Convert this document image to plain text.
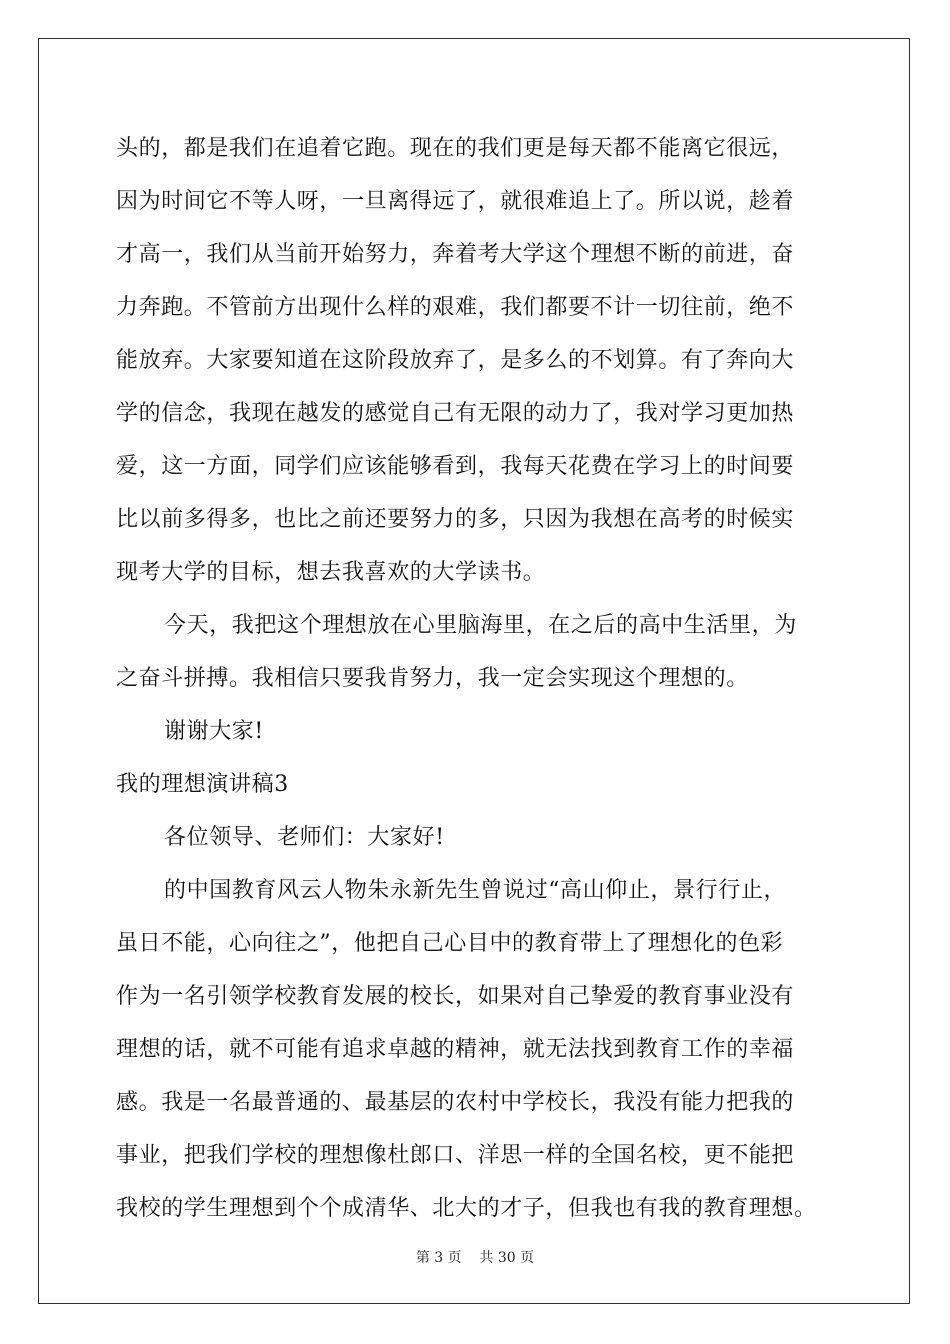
头的，都是我们在追着它跑。现在的我们更是每天都不能离它很远，
因为时间它不等人呀，一旦离得远了，就很难追上了。所以说，趁着
才高一，我们从当前开始努力，奔着考大学这个理想不断的前进，奋
力奔跑。不管前方出现什么样的艰难，我们都要不计一切往前，绝不
能放弃。大家要知道在这阶段放弃了，是多么的不划算。有了奔向大
学的信念，我现在越发的感觉自己有无限的动力了，我对学习更加热
爱，这一方面，同学们应该能够看到，我每天花费在学习上的时间要
比以前多得多，也比之前还要努力的多，只因为我想在高考的时候实
现考大学的目标，想去我喜欢的大学读书。
今天，我把这个理想放在心里脑海里，在之后的高中生活里，为
之奋斗拼搏。我相信只要我肯努力，我一定会实现这个理想的。
谢谢大家!
我的理想演讲稿3
各位领导、老师们：大家好!
的中国教育风云人物朱永新先生曾说过“高山仰止，景行行止，
虽日不能，心向往之”，他把自己心目中的教育带上了理想化的色彩
作为一名引领学校教育发展的校长，如果对自己挚爱的教育事业没有
理想的话，就不可能有追求卓越的精神，就无法找到教育工作的幸福
感。我是一名最普通的、最基层的农村中学校长，我没有能力把我的
事业，把我们学校的理想像杜郎口、洋思一样的全国名校，更不能把
我校的学生理想到个个成清华、北大的才子，但我也有我的教育理想。
第 3 页    共 30 页
